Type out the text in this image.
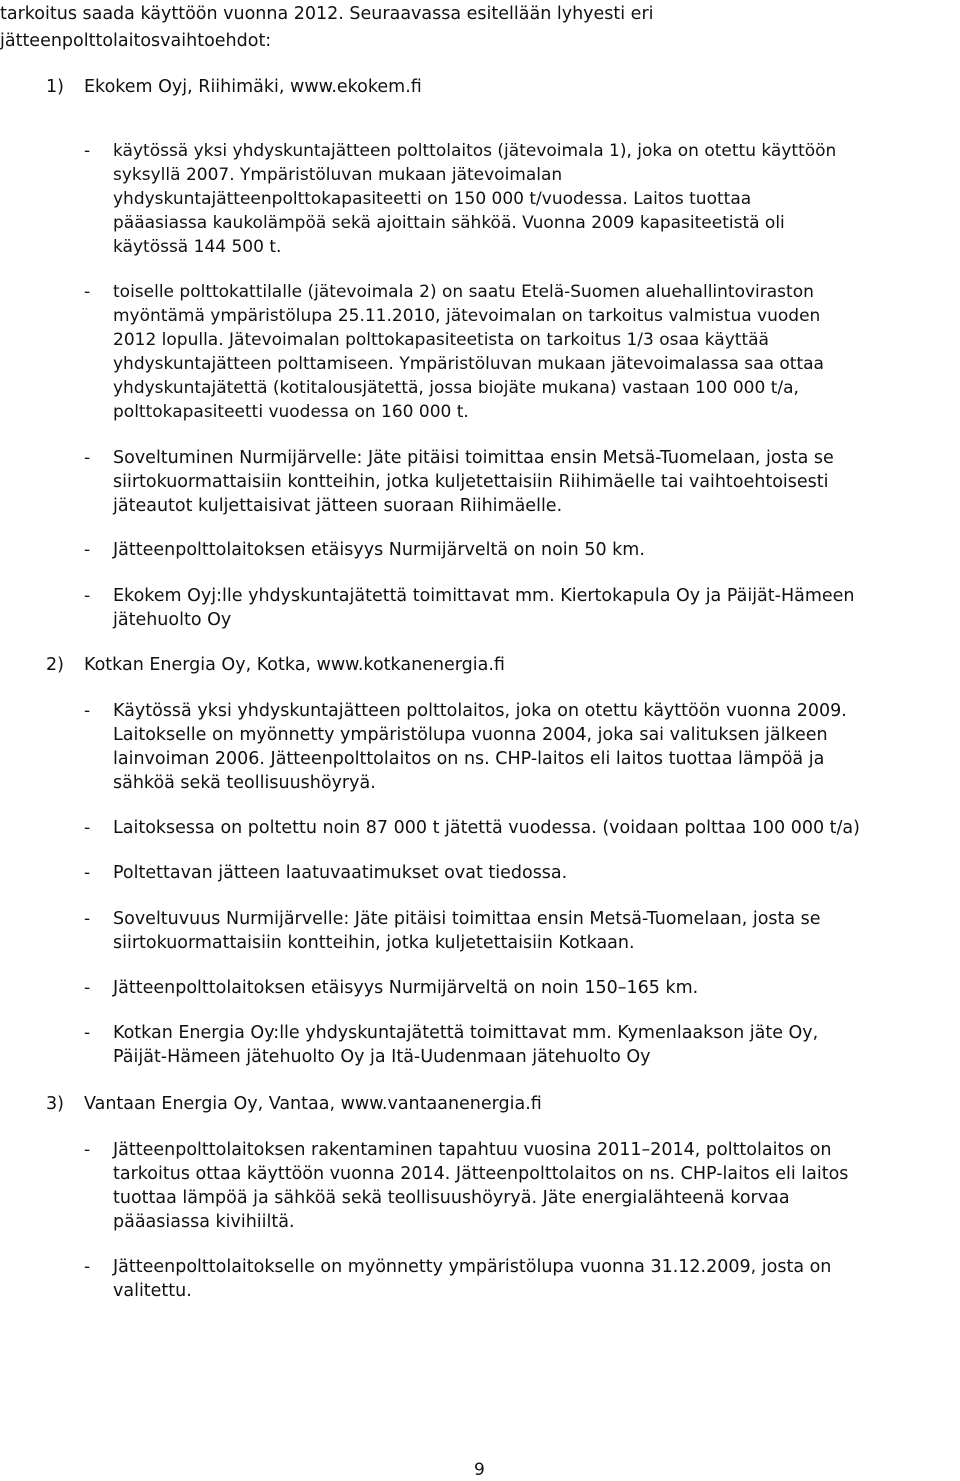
tarkoitus saada käyttöön vuonna 2012. Seuraavassa esitellään lyhyesti eri
jätteenpolttolaitosvaihtoehdot:
1) Ekokem Oyj, Riihimäki, www.ekokem.fi
- käytössä yksi yhdyskuntajätteen polttolaitos (jätevoimala 1), joka on otettu käyttöön
syksyllä 2007. Ympäristöluvan mukaan jätevoimalan
yhdyskuntajätteenpolttokapasiteetti on 150 000 t/vuodessa. Laitos tuottaa
pääasiassa kaukolämpöä sekä ajoittain sähköä. Vuonna 2009 kapasiteetistä oli
käytössä 144 500 t.
- toiselle polttokattilalle (jätevoimala 2) on saatu Etelä-Suomen aluehallintoviraston
myöntämä ympäristölupa 25.11.2010, jätevoimalan on tarkoitus valmistua vuoden
2012 lopulla. Jätevoimalan polttokapasiteetista on tarkoitus 1/3 osaa käyttää
yhdyskuntajätteen polttamiseen. Ympäristöluvan mukaan jätevoimalassa saa ottaa
yhdyskuntajätettä (kotitalousjätettä, jossa biojäte mukana) vastaan 100 000 t/a,
polttokapasiteetti vuodessa on 160 000 t.
- Soveltuminen Nurmijärvelle: Jäte pitäisi toimittaa ensin Metsä-Tuomelaan, josta se
siirtokuormattaisiin kontteihin, jotka kuljetettaisiin Riihimäelle tai vaihtoehtoisesti
jäteautot kuljettaisivat jätteen suoraan Riihimäelle.
- Jätteenpolttolaitoksen etäisyys Nurmijärveltä on noin 50 km.
- Ekokem Oyj:lle yhdyskuntajätettä toimittavat mm. Kiertokapula Oy ja Päijät-Hämeen
jätehuolto Oy
2) Kotkan Energia Oy, Kotka, www.kotkanenergia.fi
- Käytössä yksi yhdyskuntajätteen polttolaitos, joka on otettu käyttöön vuonna 2009.
Laitokselle on myönnetty ympäristölupa vuonna 2004, joka sai valituksen jälkeen
lainvoiman 2006. Jätteenpolttolaitos on ns. CHP-laitos eli laitos tuottaa lämpöä ja
sähköä sekä teollisuushöyryä.
- Laitoksessa on poltettu noin 87 000 t jätettä vuodessa. (voidaan polttaa 100 000 t/a)
- Poltettavan jätteen laatuvaatimukset ovat tiedossa.
- Soveltuvuus Nurmijärvelle: Jäte pitäisi toimittaa ensin Metsä-Tuomelaan, josta se
siirtokuormattaisiin kontteihin, jotka kuljetettaisiin Kotkaan.
- Jätteenpolttolaitoksen etäisyys Nurmijärveltä on noin 150–165 km.
- Kotkan Energia Oy:lle yhdyskuntajätettä toimittavat mm. Kymenlaakson jäte Oy,
Päijät-Hämeen jätehuolto Oy ja Itä-Uudenmaan jätehuolto Oy
3) Vantaan Energia Oy, Vantaa, www.vantaanenergia.fi
- Jätteenpolttolaitoksen rakentaminen tapahtuu vuosina 2011–2014, polttolaitos on
tarkoitus ottaa käyttöön vuonna 2014. Jätteenpolttolaitos on ns. CHP-laitos eli laitos
tuottaa lämpöä ja sähköä sekä teollisuushöyryä. Jäte energialähteenä korvaa
pääasiassa kivihiiltä.
- Jätteenpolttolaitokselle on myönnetty ympäristölupa vuonna 31.12.2009, josta on
valitettu.
9
